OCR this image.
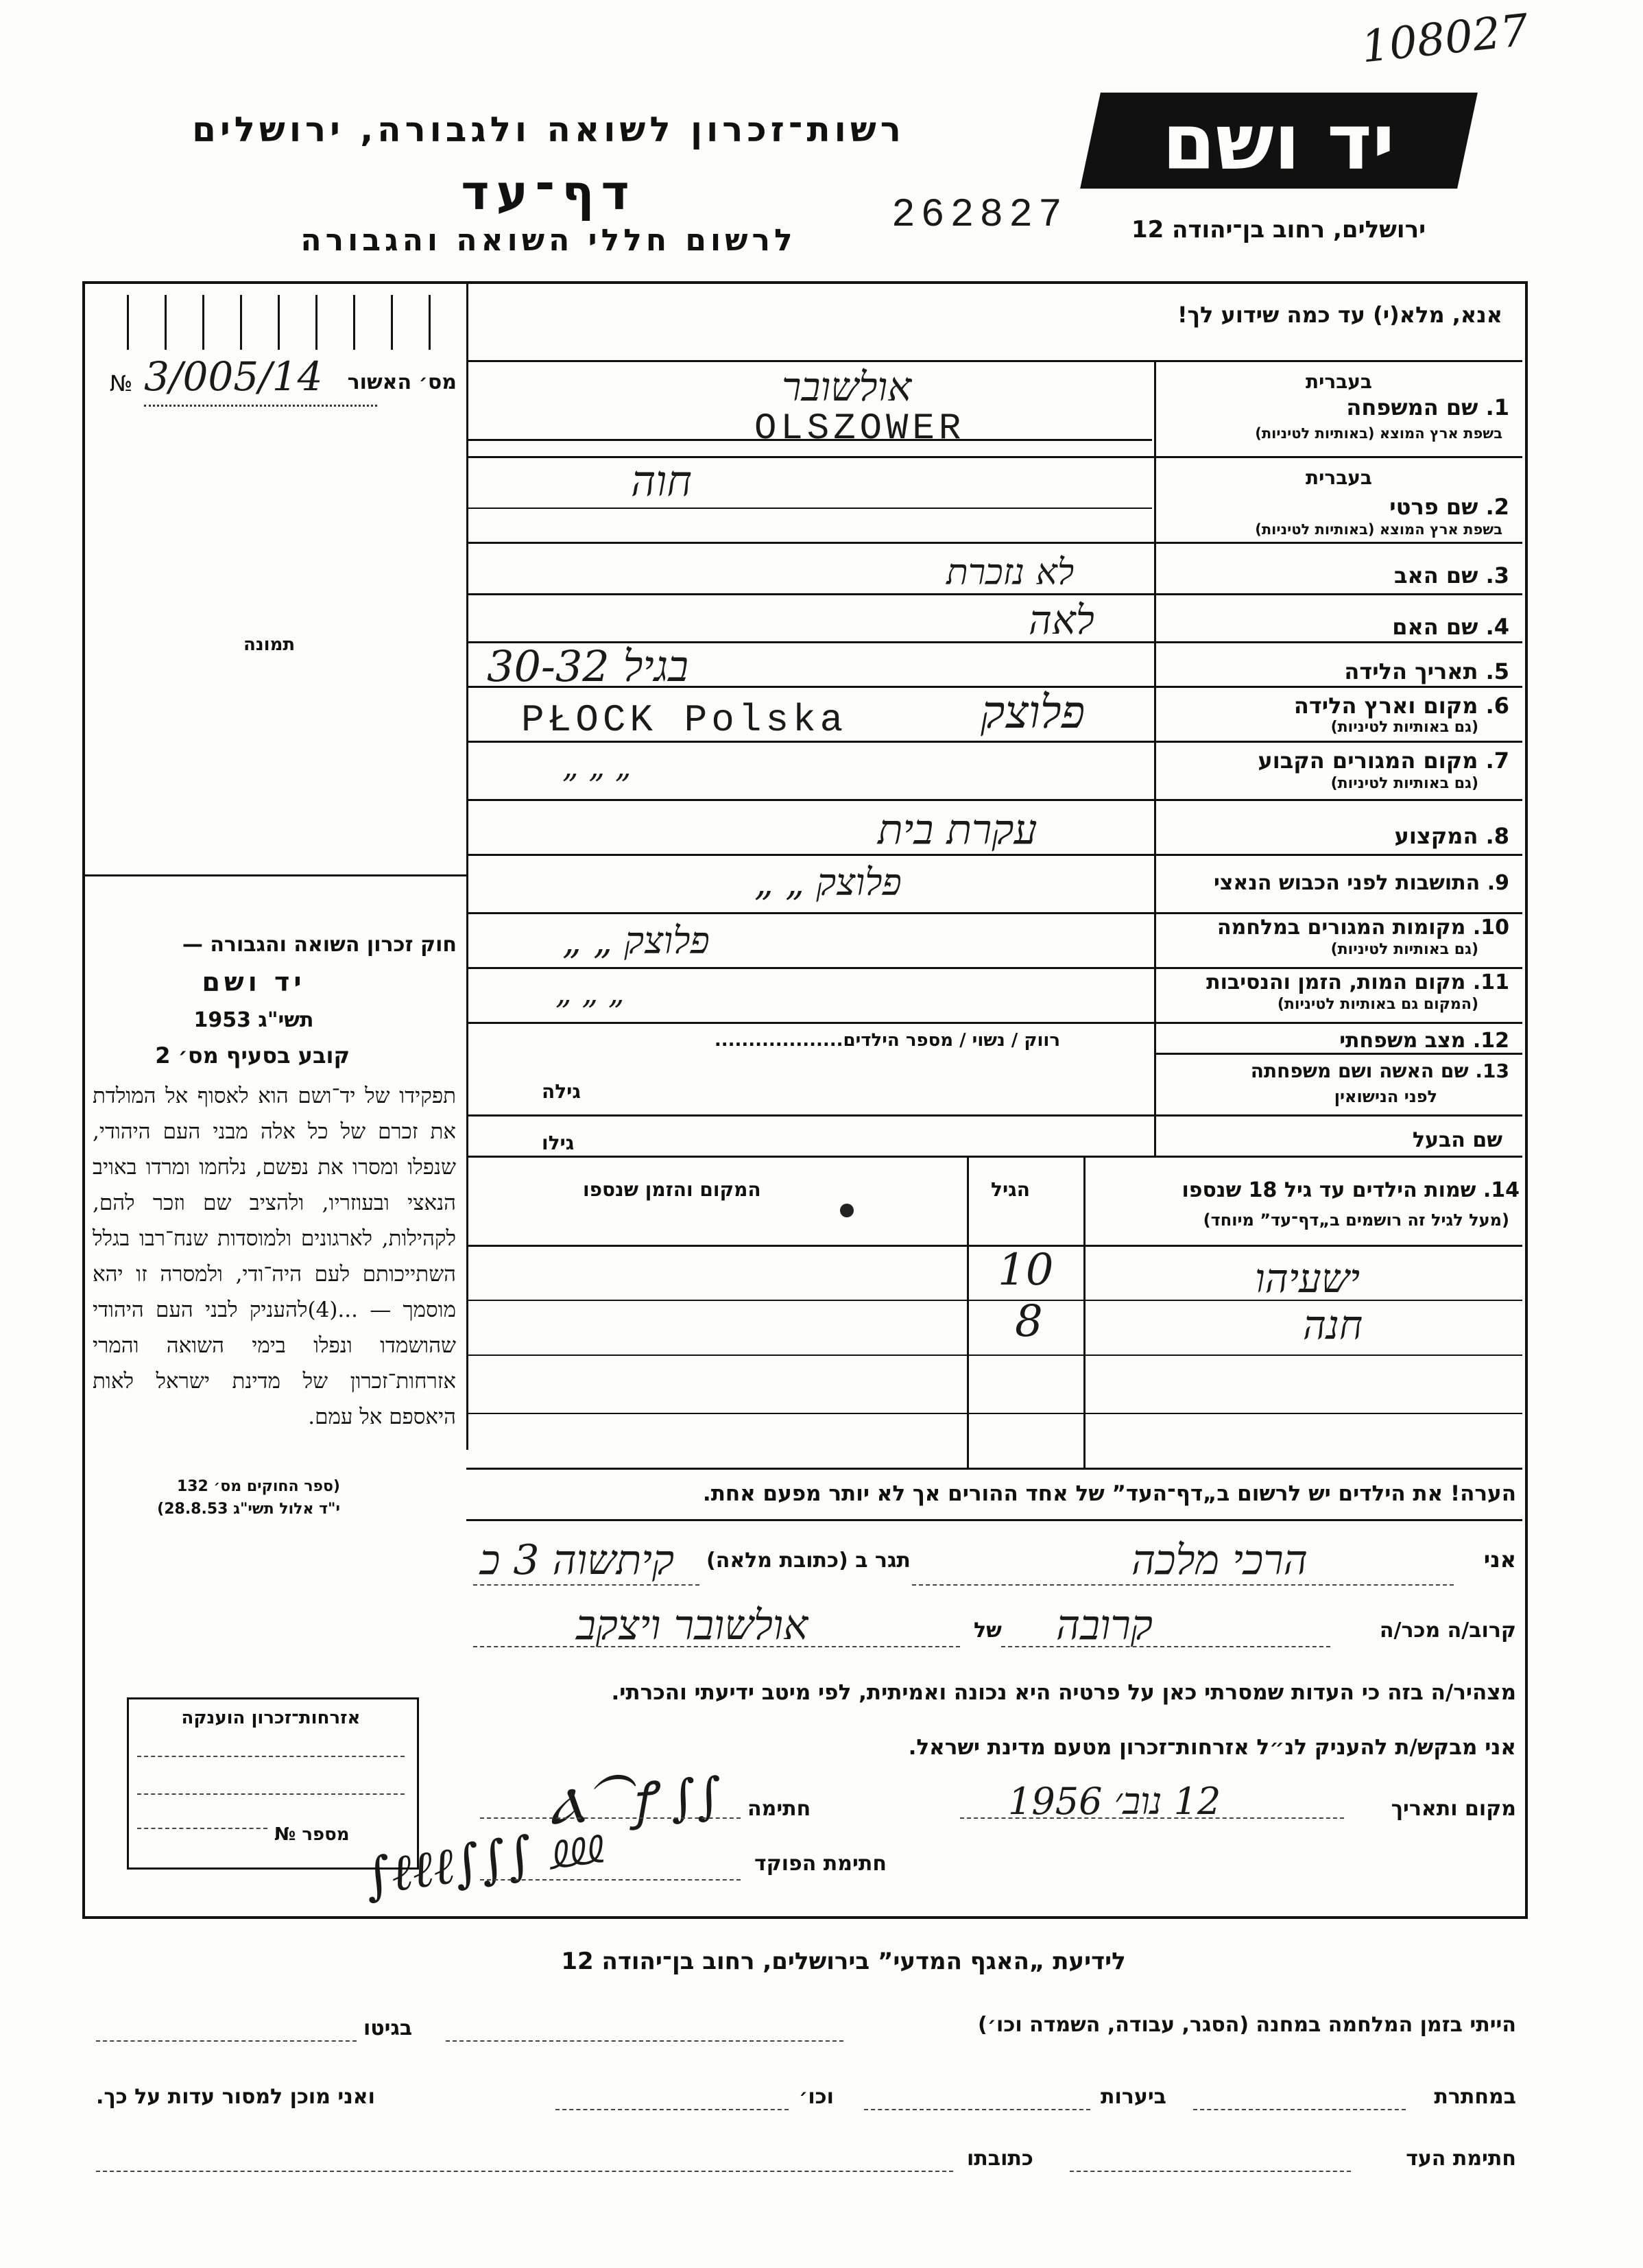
108027
יד ושם
ירושלים, רחוב בן־יהודה 12
רשות־זכרון לשואה ולגבורה, ירושלים
דף־עד
לרשום חללי השואה והגבורה
262827
אנא, מלא(י) עד כמה שידוע לך!
№ 3/005/14 מס׳ האשור
תמונה
חוק זכרון השואה והגבורה —
יד ושם
תשי"ג 1953
קובע בסעיף מס׳ 2
תפקידו של יד־ושם הוא לאסוף אל המולדת את זכרם של כל אלה מבני העם היהודי, שנפלו ומסרו את נפשם, נלחמו ומרדו באויב הנאצי ובעוזריו, ולהציב שם וזכר להם, לקהילות, לארגונים ולמוסדות שנח־רבו בגלל השתייכותם לעם היה־ודי, ולמסרה זו יהא מוסמך — ...(4)להעניק לבני העם היהודי שהושמדו ונפלו בימי השואה והמרי אזרחות־זכרון של מדינת ישראל לאות היאספם אל עמם.
(ספר החוקים מס׳ 132
י"ד אלול תשי"ג 28.8.53)
1. שם המשפחה
בעברית
בשפת ארץ המוצא (באותיות לטיניות)
אולשובר
OLSZOWER
בעברית
2. שם פרטי
בשפת ארץ המוצא (באותיות לטיניות)
חוה
3. שם האב
לא נזכרת
4. שם האם
לאה
5. תאריך הלידה
בגיל 30-32
6. מקום וארץ הלידה
(גם באותיות לטיניות)
PŁOCK Polska	פלוצק
7. מקום המגורים הקבוע
(גם באותיות לטיניות)
„ „ „
8. המקצוע
עקרת בית
9. התושבות לפני הכבוש הנאצי
„ „ פלוצק
10. מקומות המגורים במלחמה
(גם באותיות לטיניות)
„ „ פלוצק
11. מקום המות, הזמן והנסיבות
(המקום גם באותיות לטיניות)
„ „ „
12. מצב משפחתי
רווק / נשוי / מספר הילדים...................
13. שם האשה ושם משפחתה
לפני הנישואין
גילה
שם הבעל
גילו
14. שמות הילדים עד גיל 18 שנספו
(מעל לגיל זה רושמים ב„דף־עד” מיוחד)
הגיל
המקום והזמן שנספו
ישעיהו
10
חנה
8
הערה! את הילדים יש לרשום ב„דף־העד” של אחד ההורים אך לא יותר מפעם אחת.
אני
הרכי מלכה
תגר ב (כתובת מלאה)
קיתשוה 3 כ
קרוב/ה מכר/ה
קרובה
של
אולשובר ויצקב
מצהיר/ה בזה כי העדות שמסרתי כאן על פרטיה היא נכונה ואמיתית, לפי מיטב ידיעתי והכרתי.
אני מבקש/ת להעניק לנ״ל אזרחות־זכרון מטעם מדינת ישראל.
מקום ותאריך
12 נוב׳ 1956
חתימה
Ⲁ⁀ꝭ ∫∫
חתימת הפוקד
∫ℓℓℓ∫∫∫ ⅏
אזרחות־זכרון הוענקה
מספר №
לידיעת „האגף המדעי” בירושלים, רחוב בן־יהודה 12
הייתי בזמן המלחמה במחנה (הסגר, עבודה, השמדה וכו׳)
בגיטו
במחתרת
ביערות
וכו׳
ואני מוכן למסור עדות על כך.
חתימת העד
כתובתו
